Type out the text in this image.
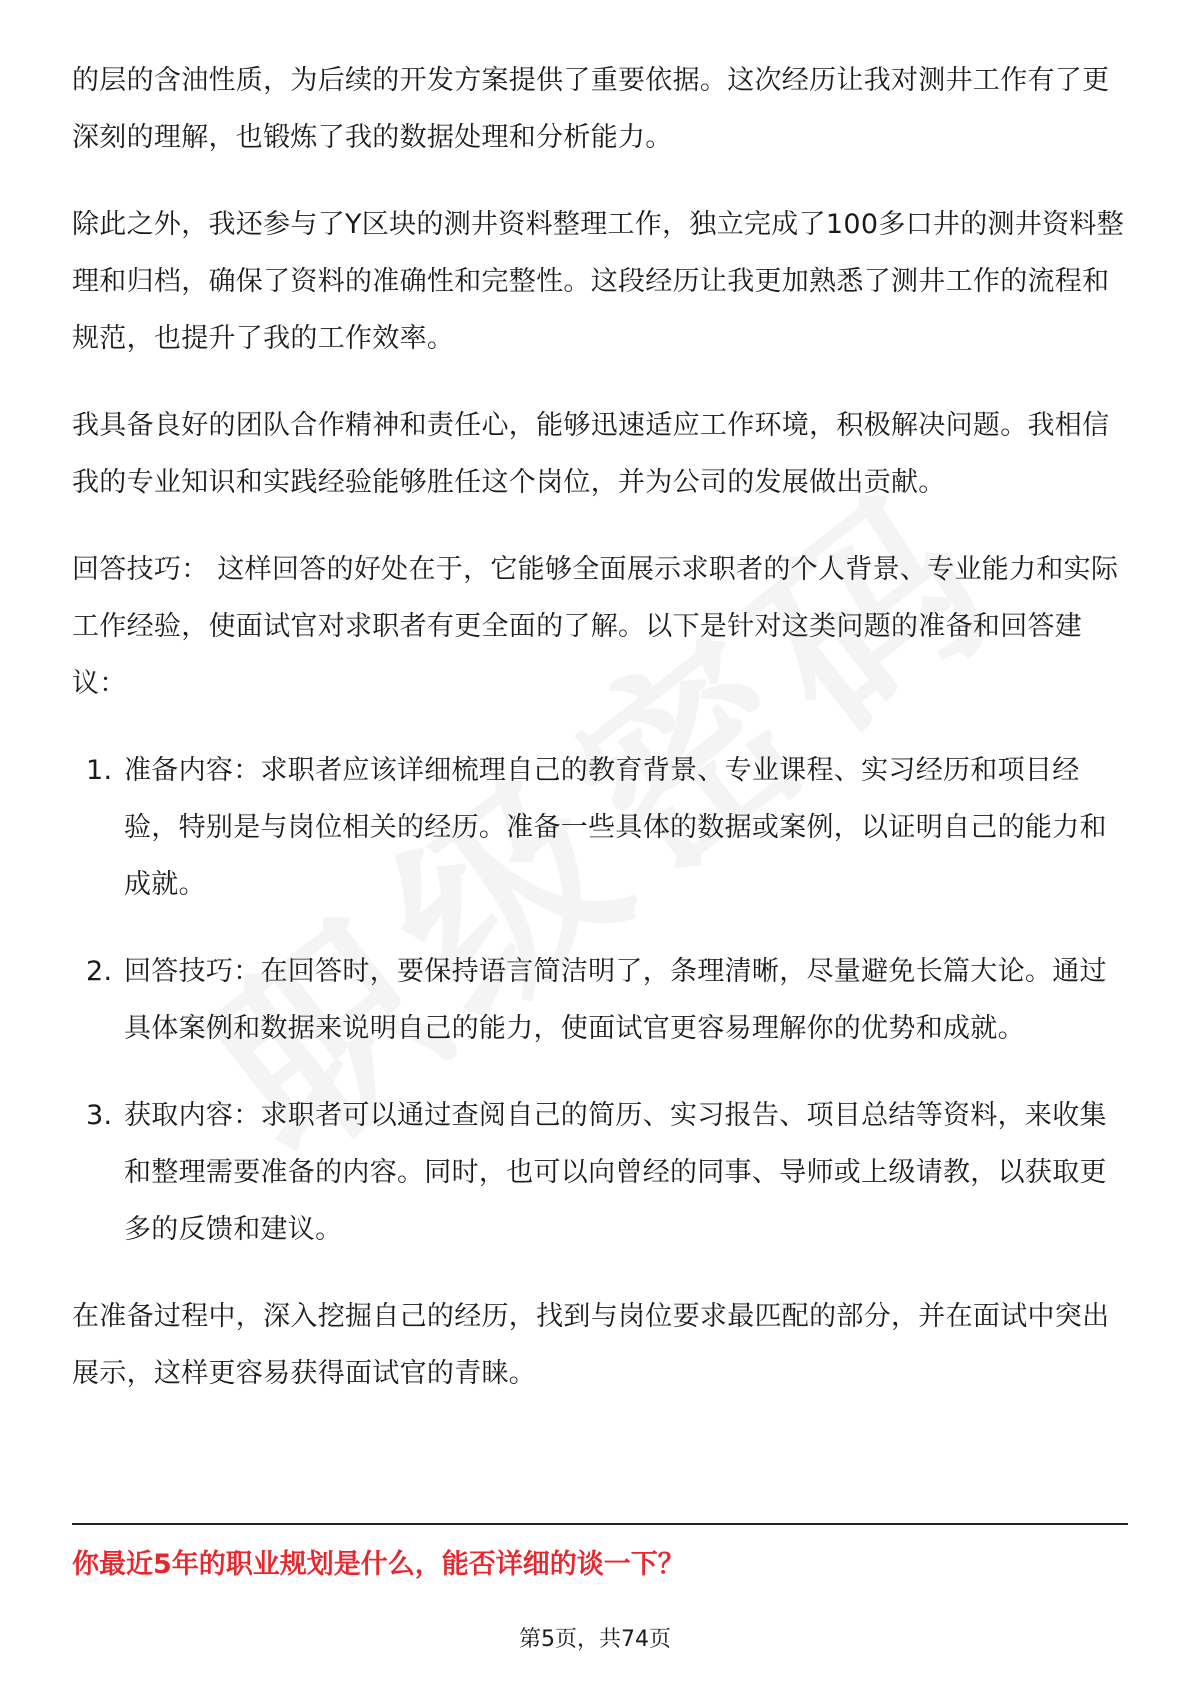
的层的含油性质，为后续的开发方案提供了重要依据。这次经历让我对测井工作有了更深刻的理解，也锻炼了我的数据处理和分析能力。

除此之外，我还参与了Y区块的测井资料整理工作，独立完成了100多口井的测井资料整理和归档，确保了资料的准确性和完整性。这段经历让我更加熟悉了测井工作的流程和规范，也提升了我的工作效率。

我具备良好的团队合作精神和责任心，能够迅速适应工作环境，积极解决问题。我相信我的专业知识和实践经验能够胜任这个岗位，并为公司的发展做出贡献。

回答技巧： 这样回答的好处在于，它能够全面展示求职者的个人背景、专业能力和实际工作经验，使面试官对求职者有更全面的了解。以下是针对这类问题的准备和回答建议：

1. 准备内容：求职者应该详细梳理自己的教育背景、专业课程、实习经历和项目经验，特别是与岗位相关的经历。准备一些具体的数据或案例，以证明自己的能力和成就。
2. 回答技巧：在回答时，要保持语言简洁明了，条理清晰，尽量避免长篇大论。通过具体案例和数据来说明自己的能力，使面试官更容易理解你的优势和成就。
3. 获取内容：求职者可以通过查阅自己的简历、实习报告、项目总结等资料，来收集和整理需要准备的内容。同时，也可以向曾经的同事、导师或上级请教，以获取更多的反馈和建议。

在准备过程中，深入挖掘自己的经历，找到与岗位要求最匹配的部分，并在面试中突出展示，这样更容易获得面试官的青睐。

你最近5年的职业规划是什么，能否详细的谈一下？
第5页，共74页
